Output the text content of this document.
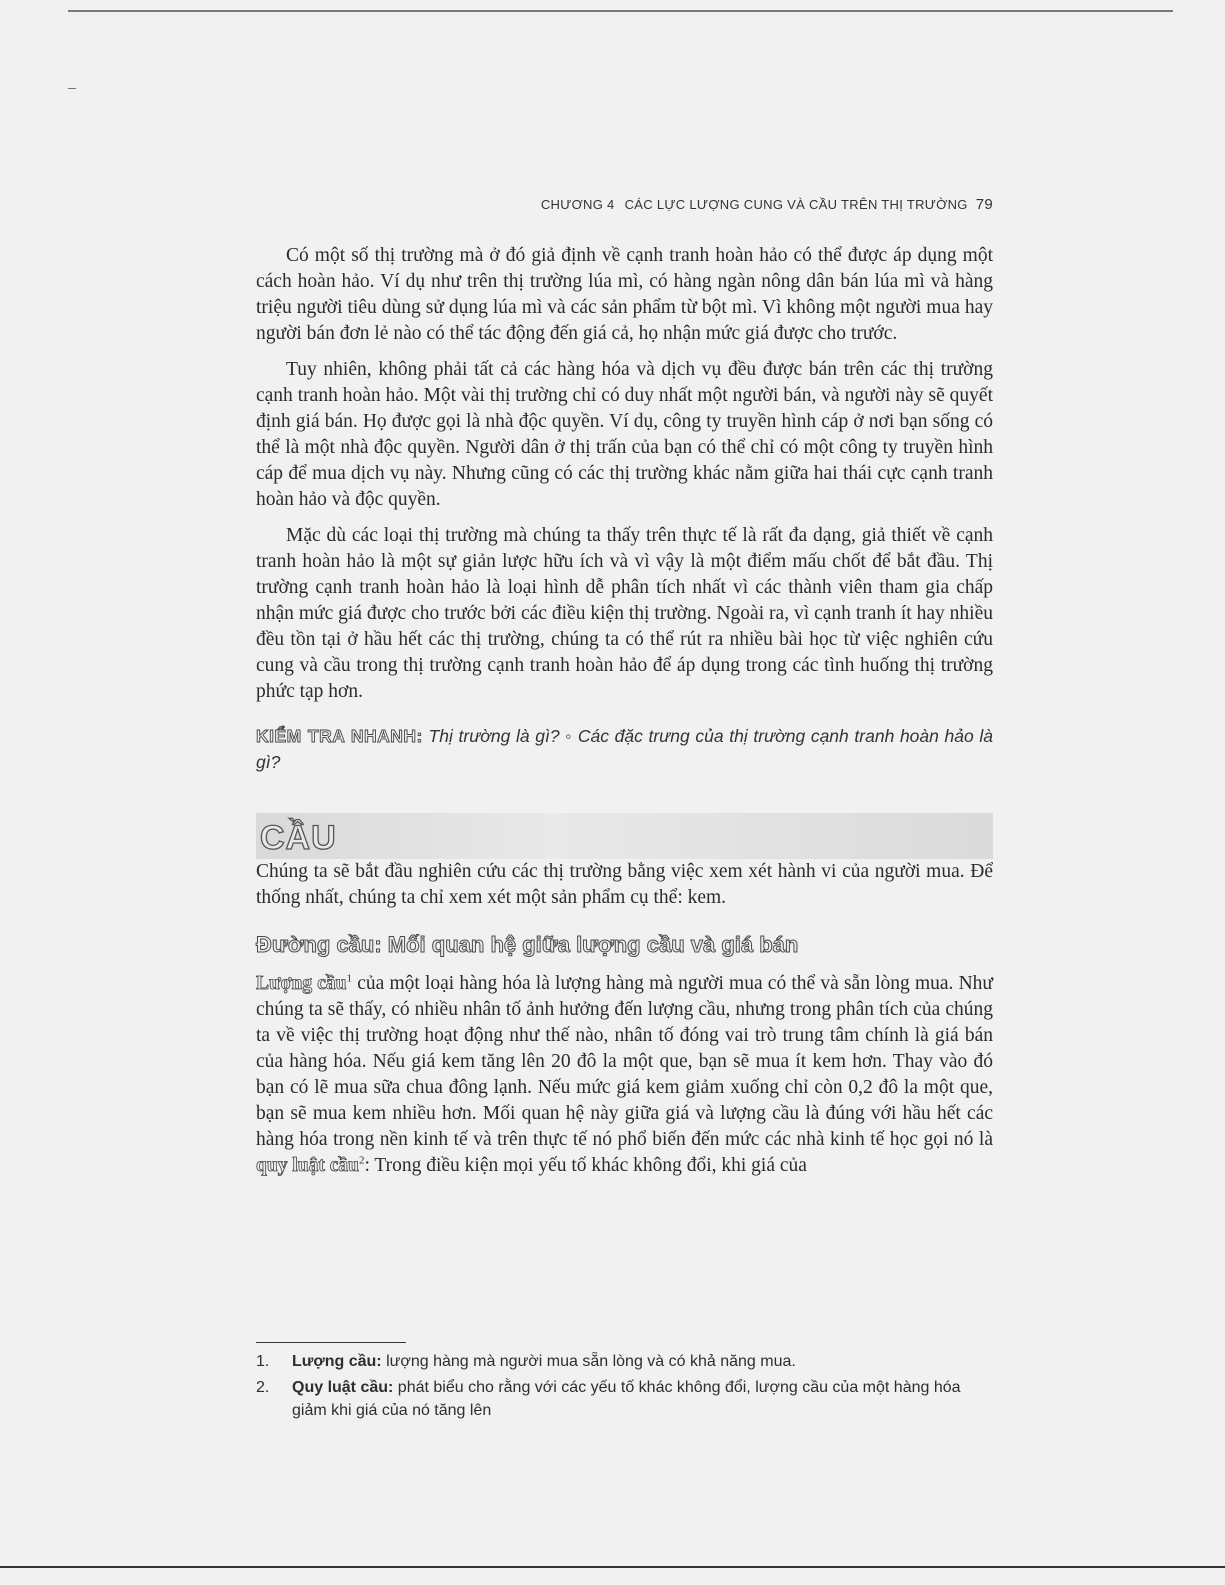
CHƯƠNG 4 CÁC LỰC LƯỢNG CUNG VÀ CẦU TRÊN THỊ TRƯỜNG 79

Có một số thị trường mà ở đó giả định về cạnh tranh hoàn hảo có thể được áp dụng một cách hoàn hảo. Ví dụ như trên thị trường lúa mì, có hàng ngàn nông dân bán lúa mì và hàng triệu người tiêu dùng sử dụng lúa mì và các sản phẩm từ bột mì. Vì không một người mua hay người bán đơn lẻ nào có thể tác động đến giá cả, họ nhận mức giá được cho trước.

Tuy nhiên, không phải tất cả các hàng hóa và dịch vụ đều được bán trên các thị trường cạnh tranh hoàn hảo. Một vài thị trường chỉ có duy nhất một người bán, và người này sẽ quyết định giá bán. Họ được gọi là nhà độc quyền. Ví dụ, công ty truyền hình cáp ở nơi bạn sống có thể là một nhà độc quyền. Người dân ở thị trấn của bạn có thể chỉ có một công ty truyền hình cáp để mua dịch vụ này. Nhưng cũng có các thị trường khác nằm giữa hai thái cực cạnh tranh hoàn hảo và độc quyền.

Mặc dù các loại thị trường mà chúng ta thấy trên thực tế là rất đa dạng, giả thiết về cạnh tranh hoàn hảo là một sự giản lược hữu ích và vì vậy là một điểm mấu chốt để bắt đầu. Thị trường cạnh tranh hoàn hảo là loại hình dễ phân tích nhất vì các thành viên tham gia chấp nhận mức giá được cho trước bởi các điều kiện thị trường. Ngoài ra, vì cạnh tranh ít hay nhiều đều tồn tại ở hầu hết các thị trường, chúng ta có thể rút ra nhiều bài học từ việc nghiên cứu cung và cầu trong thị trường cạnh tranh hoàn hảo để áp dụng trong các tình huống thị trường phức tạp hơn.

KIỂM TRA NHANH: Thị trường là gì? ◦ Các đặc trưng của thị trường cạnh tranh hoàn hảo là gì?
CẦU

Chúng ta sẽ bắt đầu nghiên cứu các thị trường bằng việc xem xét hành vi của người mua. Để thống nhất, chúng ta chỉ xem xét một sản phẩm cụ thể: kem.

Đường cầu: Mối quan hệ giữa lượng cầu và giá bán

Lượng cầu$^1$ của một loại hàng hóa là lượng hàng mà người mua có thể và sẵn lòng mua. Như chúng ta sẽ thấy, có nhiều nhân tố ảnh hưởng đến lượng cầu, nhưng trong phân tích của chúng ta về việc thị trường hoạt động như thế nào, nhân tố đóng vai trò trung tâm chính là giá bán của hàng hóa. Nếu giá kem tăng lên 20 đô la một que, bạn sẽ mua ít kem hơn. Thay vào đó bạn có lẽ mua sữa chua đông lạnh. Nếu mức giá kem giảm xuống chỉ còn 0,2 đô la một que, bạn sẽ mua kem nhiều hơn. Mối quan hệ này giữa giá và lượng cầu là đúng với hầu hết các hàng hóa trong nền kinh tế và trên thực tế nó phổ biến đến mức các nhà kinh tế học gọi nó là quy luật cầu$^2$: Trong điều kiện mọi yếu tố khác không đổi, khi giá của

1. Lượng cầu: lượng hàng mà người mua sẵn lòng và có khả năng mua.
2. Quy luật cầu: phát biểu cho rằng với các yếu tố khác không đổi, lượng cầu của một hàng hóa giảm khi giá của nó tăng lên
